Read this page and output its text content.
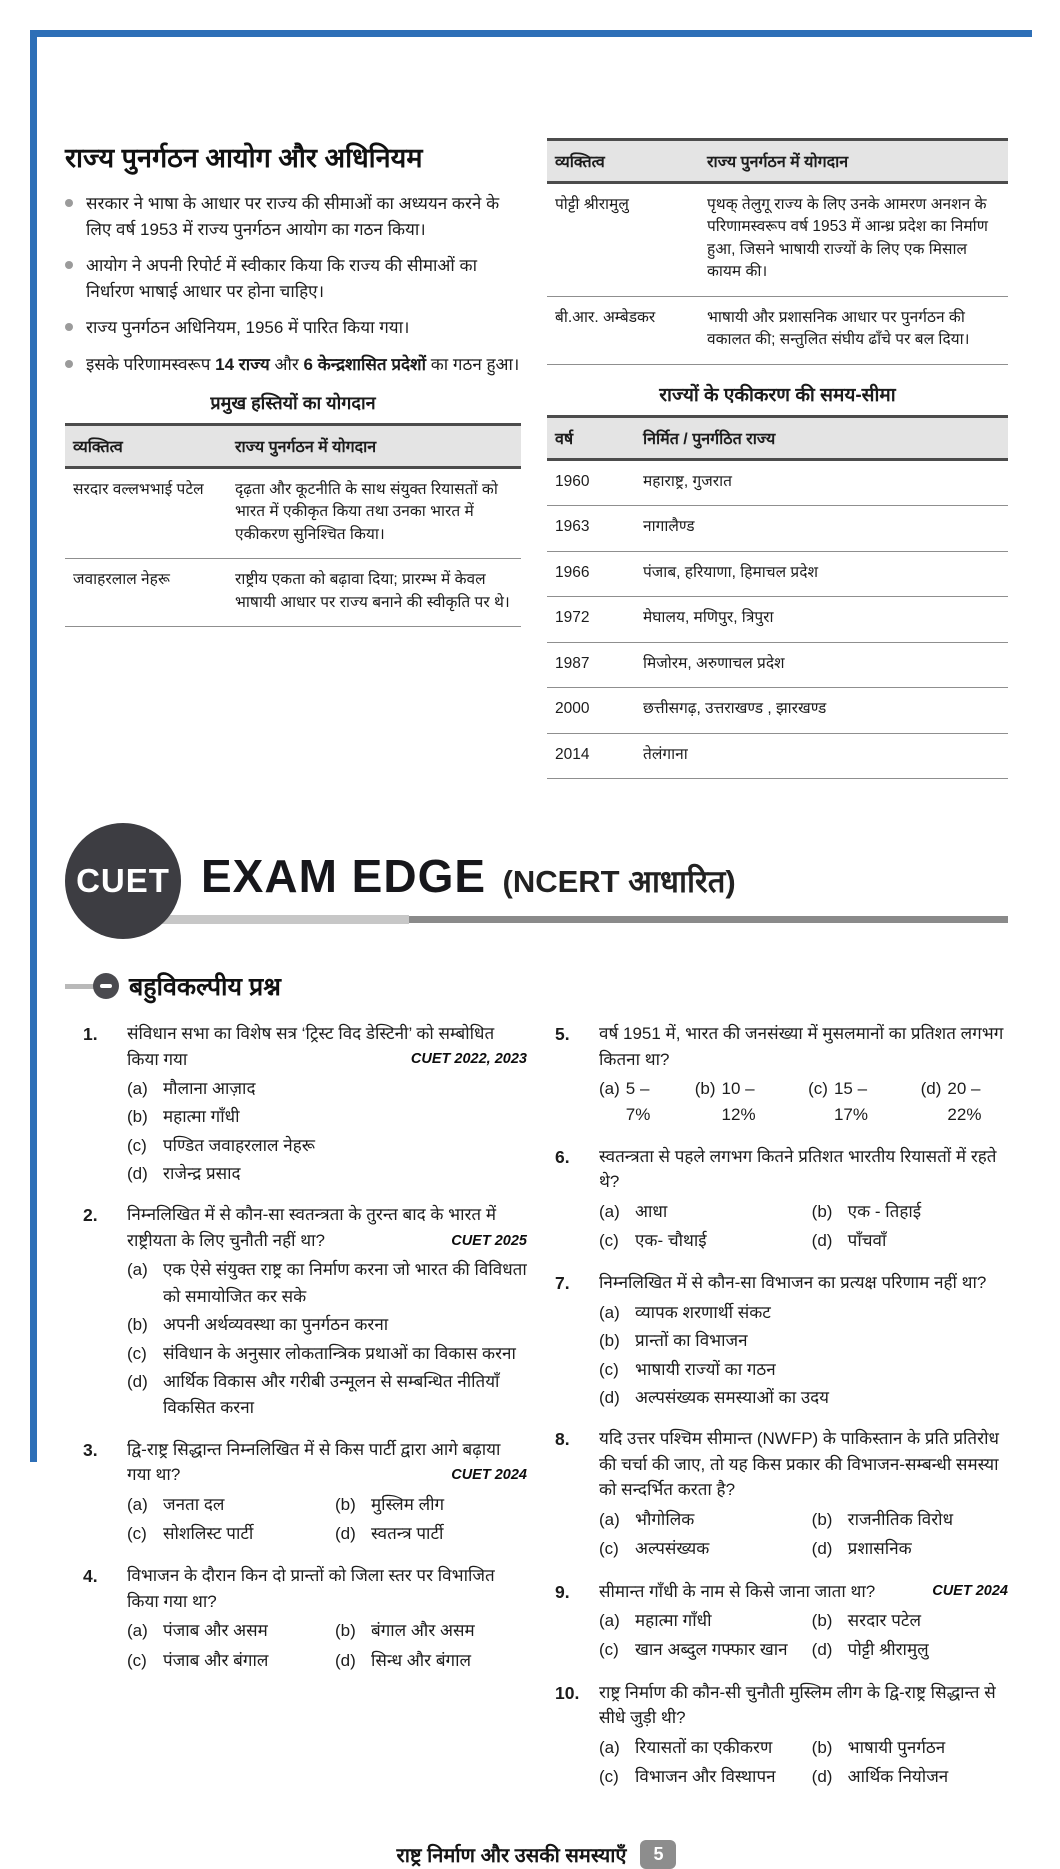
राज्य पुनर्गठन आयोग और अधिनियम
सरकार ने भाषा के आधार पर राज्य की सीमाओं का अध्ययन करने के लिए वर्ष 1953 में राज्य पुनर्गठन आयोग का गठन किया।
आयोग ने अपनी रिपोर्ट में स्वीकार किया कि राज्य की सीमाओं का निर्धारण भाषाई आधार पर होना चाहिए।
राज्य पुनर्गठन अधिनियम, 1956 में पारित किया गया।
इसके परिणामस्वरूप 14 राज्य और 6 केन्द्रशासित प्रदेशों का गठन हुआ।
प्रमुख हस्तियों का योगदान
व्यक्तित्व	राज्य पुनर्गठन में योगदान
सरदार वल्लभभाई पटेल	दृढ़ता और कूटनीति के साथ संयुक्त रियासतों को भारत में एकीकृत किया तथा उनका भारत में एकीकरण सुनिश्चित किया।
जवाहरलाल नेहरू	राष्ट्रीय एकता को बढ़ावा दिया; प्रारम्भ में केवल भाषायी आधार पर राज्य बनाने की स्वीकृति पर थे।
व्यक्तित्व	राज्य पुनर्गठन में योगदान
पोट्टी श्रीरामुलु	पृथक् तेलुगू राज्य के लिए उनके आमरण अनशन के परिणामस्वरूप वर्ष 1953 में आन्ध्र प्रदेश का निर्माण हुआ, जिसने भाषायी राज्यों के लिए एक मिसाल कायम की।
बी.आर. अम्बेडकर	भाषायी और प्रशासनिक आधार पर पुनर्गठन की वकालत की; सन्तुलित संघीय ढाँचे पर बल दिया।
राज्यों के एकीकरण की समय-सीमा
वर्ष	निर्मित / पुनर्गठित राज्य
1960	महाराष्ट्र, गुजरात
1963	नागालैण्ड
1966	पंजाब, हरियाणा, हिमाचल प्रदेश
1972	मेघालय, मणिपुर, त्रिपुरा
1987	मिजोरम, अरुणाचल प्रदेश
2000	छत्तीसगढ़, उत्तराखण्ड , झारखण्ड
2014	तेलंगाना
CUET EXAM EDGE (NCERT आधारित)
बहुविकल्पीय प्रश्न
1.	संविधान सभा का विशेष सत्र ‘ट्रिस्ट विद डेस्टिनी’ को सम्बोधित किया गया	CUET 2022, 2023
(a) मौलाना आज़ाद
(b) महात्मा गाँधी
(c) पण्डित जवाहरलाल नेहरू
(d) राजेन्द्र प्रसाद
2.	निम्नलिखित में से कौन-सा स्वतन्त्रता के तुरन्त बाद के भारत में राष्ट्रीयता के लिए चुनौती नहीं था?	CUET 2025
(a) एक ऐसे संयुक्त राष्ट्र का निर्माण करना जो भारत की विविधता को समायोजित कर सके
(b) अपनी अर्थव्यवस्था का पुनर्गठन करना
(c) संविधान के अनुसार लोकतान्त्रिक प्रथाओं का विकास करना
(d) आर्थिक विकास और गरीबी उन्मूलन से सम्बन्धित नीतियाँ विकसित करना
3.	द्वि-राष्ट्र सिद्धान्त निम्नलिखित में से किस पार्टी द्वारा आगे बढ़ाया गया था?	CUET 2024
(a) जनता दल	(b) मुस्लिम लीग
(c) सोशलिस्ट पार्टी	(d) स्वतन्त्र पार्टी
4.	विभाजन के दौरान किन दो प्रान्तों को जिला स्तर पर विभाजित किया गया था?
(a) पंजाब और असम	(b) बंगाल और असम
(c) पंजाब और बंगाल	(d) सिन्ध और बंगाल
5.	वर्ष 1951 में, भारत की जनसंख्या में मुसलमानों का प्रतिशत लगभग कितना था?
(a) 5 –7%
(b) 10 –12%
(c) 15 –17%
(d) 20 –22%
6.	स्वतन्त्रता से पहले लगभग कितने प्रतिशत भारतीय रियासतों में रहते थे?
(a) आधा	(b) एक - तिहाई
(c) एक- चौथाई	(d) पाँचवाँ
7.	निम्नलिखित में से कौन-सा विभाजन का प्रत्यक्ष परिणाम नहीं था?
(a) व्यापक शरणार्थी संकट
(b) प्रान्तों का विभाजन
(c) भाषायी राज्यों का गठन
(d) अल्पसंख्यक समस्याओं का उदय
8.	यदि उत्तर पश्चिम सीमान्त (NWFP) के पाकिस्तान के प्रति प्रतिरोध की चर्चा की जाए, तो यह किस प्रकार की विभाजन-सम्बन्धी समस्या को सन्दर्भित करता है?
(a) भौगोलिक	(b) राजनीतिक विरोध
(c) अल्पसंख्यक	(d) प्रशासनिक
9.	सीमान्त गाँधी के नाम से किसे जाना जाता था?	CUET 2024
(a) महात्मा गाँधी	(b) सरदार पटेल
(c) खान अब्दुल गफ्फार खान	(d) पोट्टी श्रीरामुलु
10.	राष्ट्र निर्माण की कौन-सी चुनौती मुस्लिम लीग के द्वि-राष्ट्र सिद्धान्त से सीधे जुड़ी थी?
(a) रियासतों का एकीकरण	(b) भाषायी पुनर्गठन
(c) विभाजन और विस्थापन	(d) आर्थिक नियोजन
राष्ट्र निर्माण और उसकी समस्याएँ	5
